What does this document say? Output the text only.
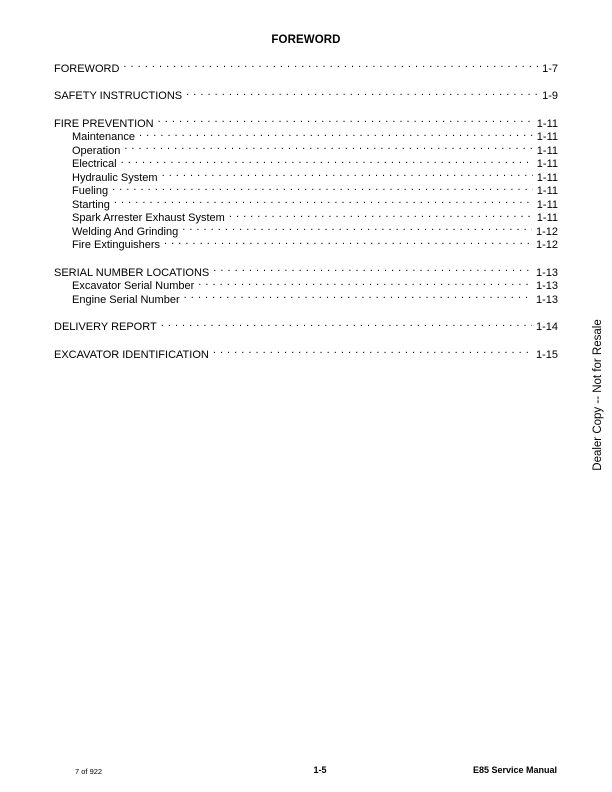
FOREWORD
FOREWORD . . .	1-7
SAFETY INSTRUCTIONS . . .	1-9
FIRE PREVENTION . . .	1-11
Maintenance . . .	1-11
Operation . . .	1-11
Electrical . . .	1-11
Hydraulic System . . .	1-11
Fueling . . .	1-11
Starting . . .	1-11
Spark Arrester Exhaust System . . .	1-11
Welding And Grinding . . .	1-12
Fire Extinguishers . . .	1-12
SERIAL NUMBER LOCATIONS . . .	1-13
Excavator Serial Number . . .	1-13
Engine Serial Number . . .	1-13
DELIVERY REPORT . . .	1-14
EXCAVATOR IDENTIFICATION . . .	1-15	Dealer Copy -- Not for Resale
7 of 922	1-5	E85 Service Manual
